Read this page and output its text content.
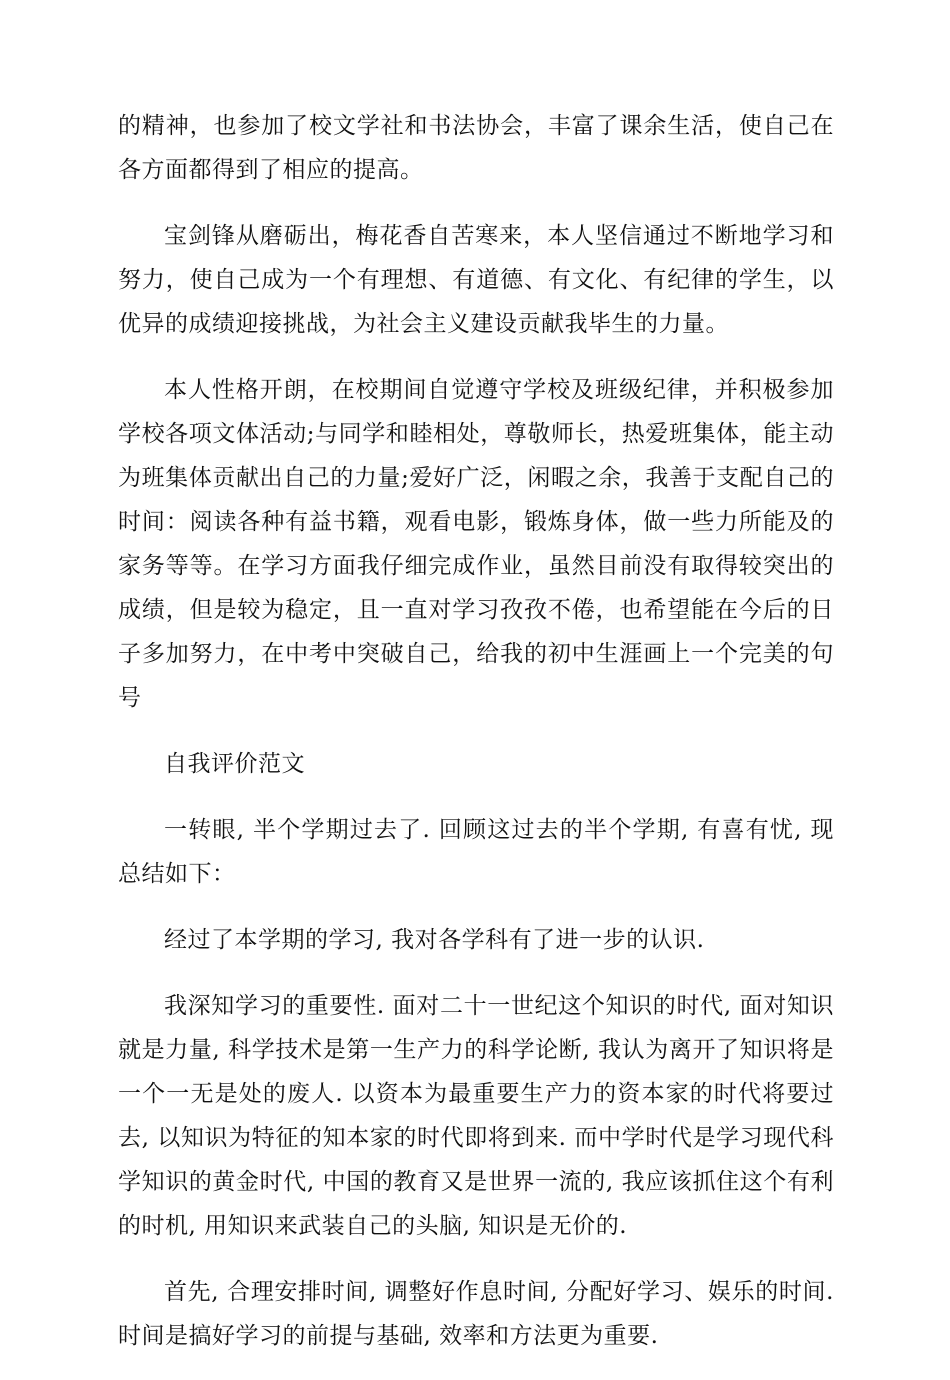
的精神，也参加了校文学社和书法协会，丰富了课余生活，使自己在各方面都得到了相应的提高。

宝剑锋从磨砺出，梅花香自苦寒来，本人坚信通过不断地学习和努力，使自己成为一个有理想、有道德、有文化、有纪律的学生，以优异的成绩迎接挑战，为社会主义建设贡献我毕生的力量。

本人性格开朗，在校期间自觉遵守学校及班级纪律，并积极参加学校各项文体活动;与同学和睦相处，尊敬师长，热爱班集体，能主动为班集体贡献出自己的力量;爱好广泛，闲暇之余，我善于支配自己的时间：阅读各种有益书籍，观看电影，锻炼身体，做一些力所能及的家务等等。在学习方面我仔细完成作业，虽然目前没有取得较突出的成绩，但是较为稳定，且一直对学习孜孜不倦，也希望能在今后的日子多加努力，在中考中突破自己，给我的初中生涯画上一个完美的句号

自我评价范文

一转眼, 半个学期过去了. 回顾这过去的半个学期, 有喜有忧, 现总结如下：

经过了本学期的学习, 我对各学科有了进一步的认识.

我深知学习的重要性. 面对二十一世纪这个知识的时代, 面对知识就是力量, 科学技术是第一生产力的科学论断, 我认为离开了知识将是一个一无是处的废人. 以资本为最重要生产力的资本家的时代将要过去, 以知识为特征的知本家的时代即将到来. 而中学时代是学习现代科学知识的黄金时代, 中国的教育又是世界一流的, 我应该抓住这个有利的时机, 用知识来武装自己的头脑, 知识是无价的.

首先, 合理安排时间, 调整好作息时间, 分配好学习、娱乐的时间. 时间是搞好学习的前提与基础, 效率和方法更为重要.
